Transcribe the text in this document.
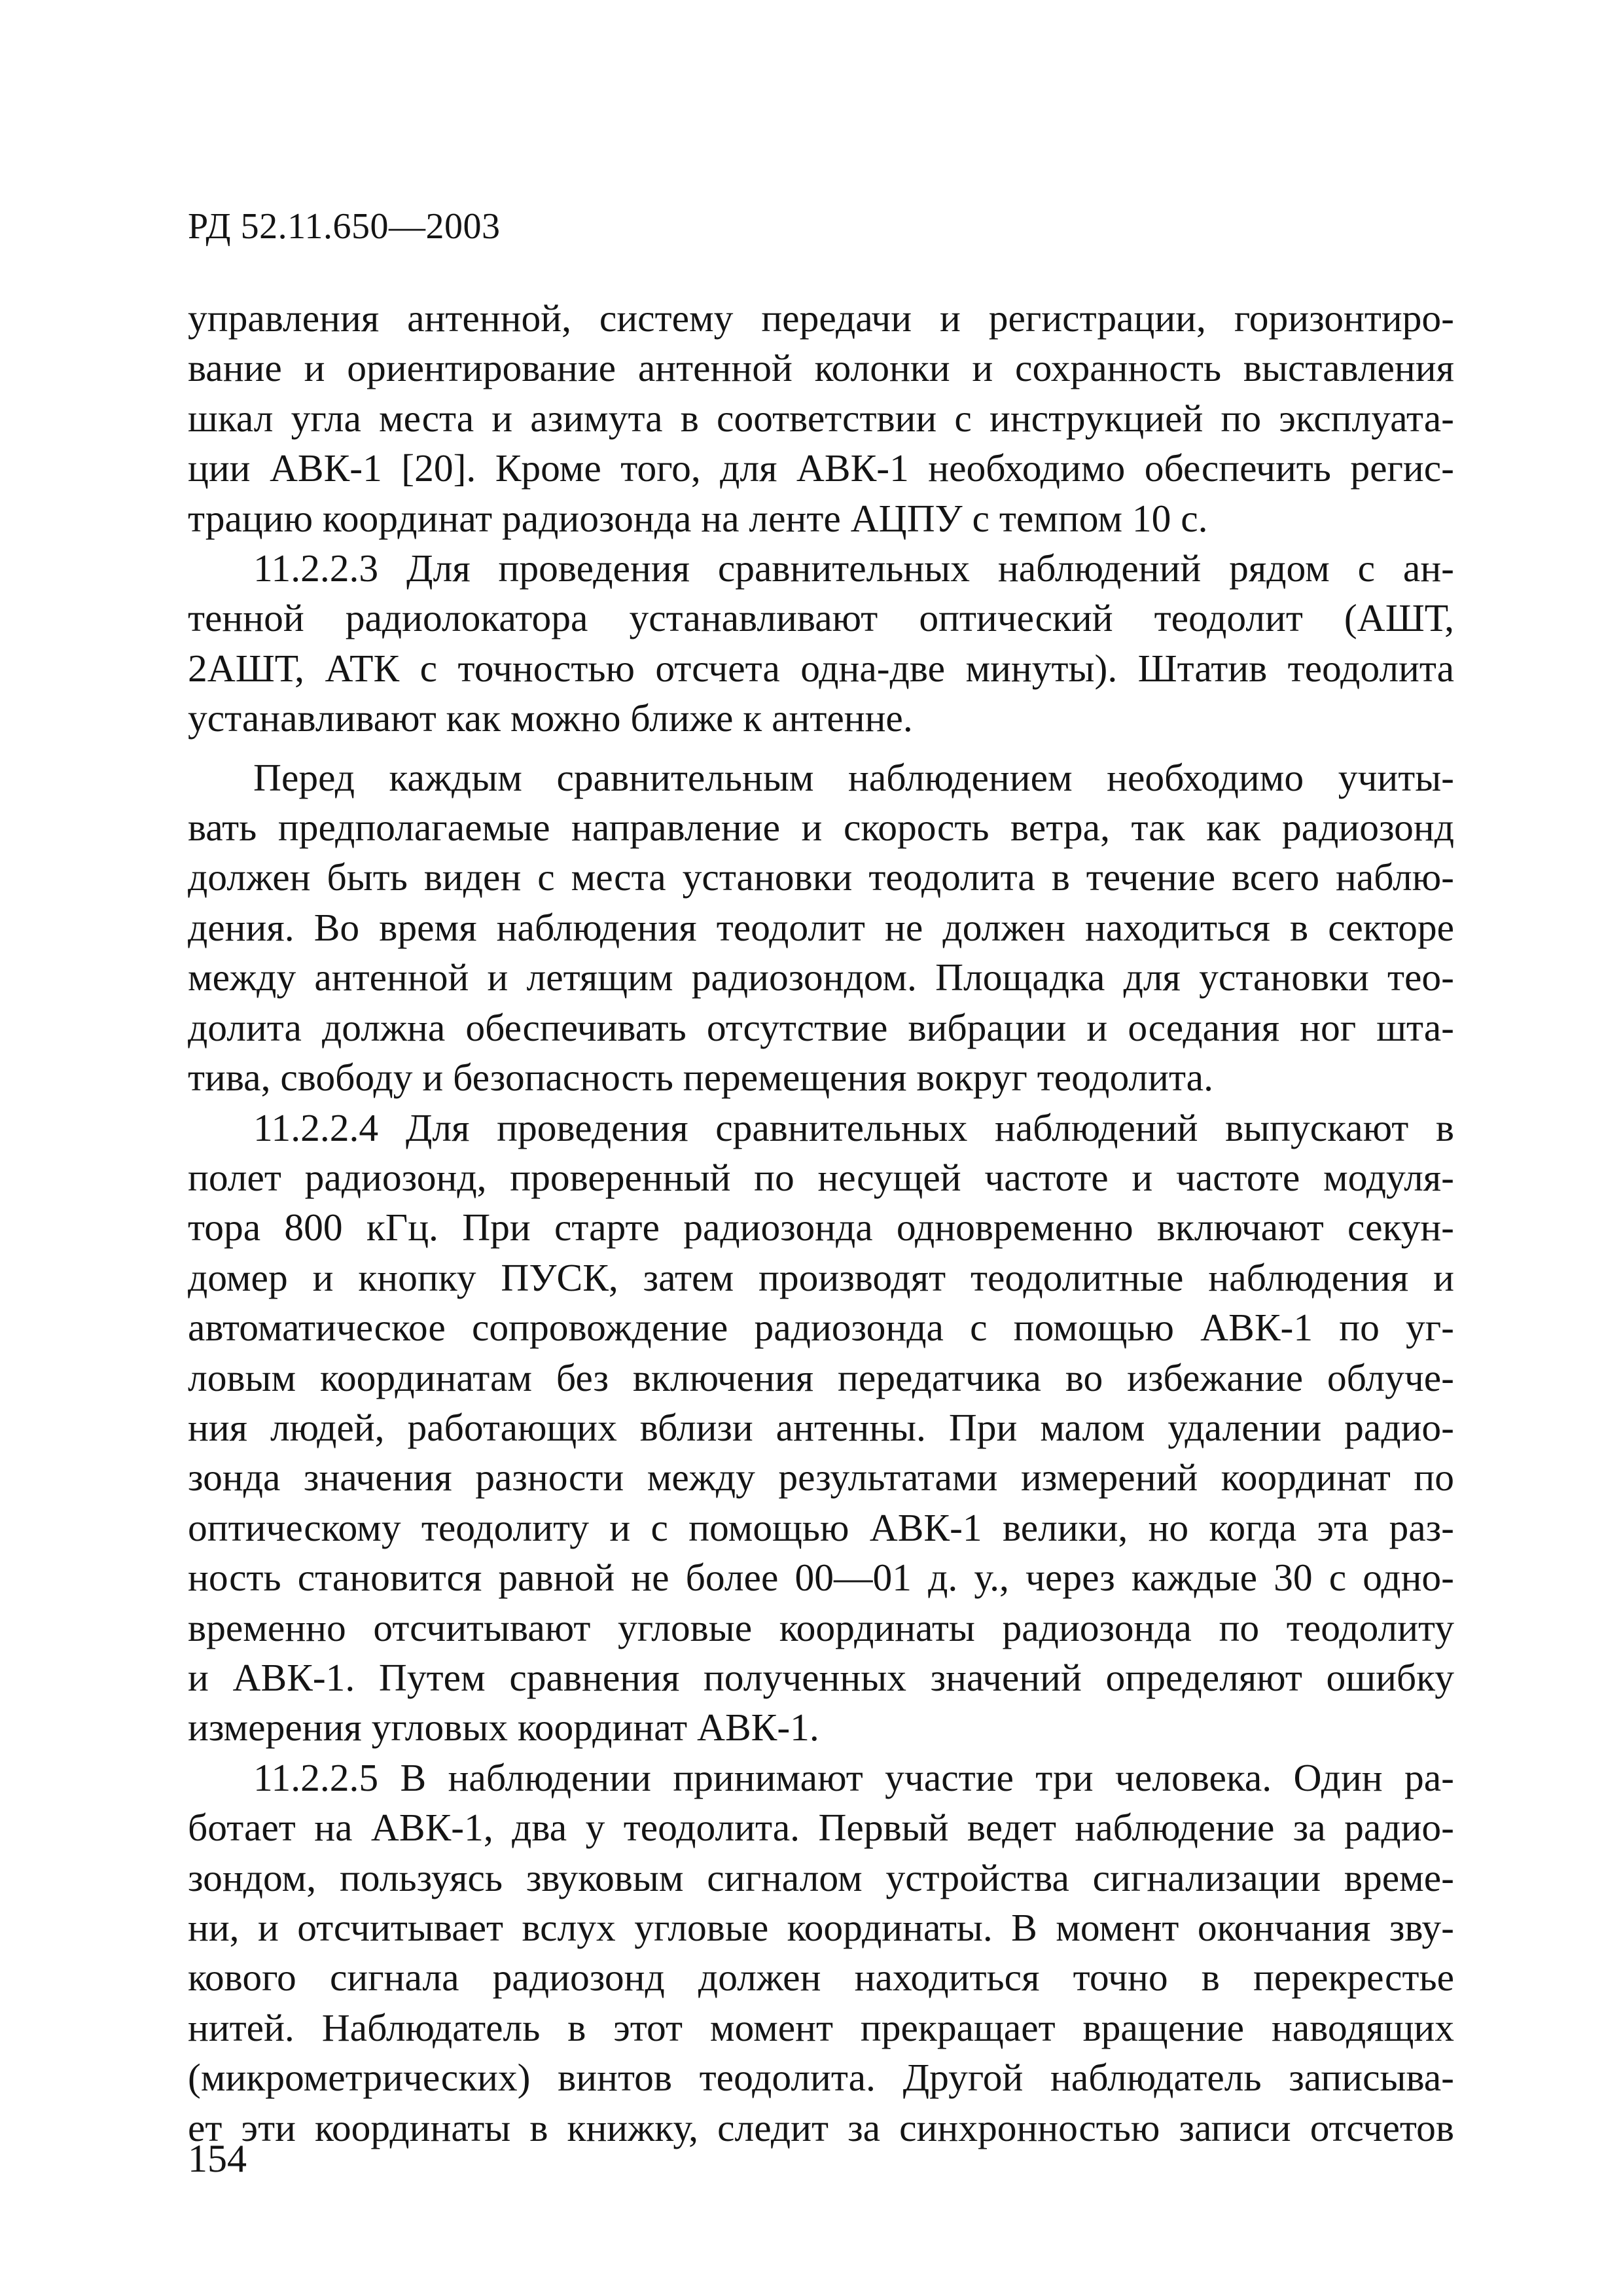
РД 52.11.650—2003
управления антенной, систему передачи и регистрации, горизонтиро-
вание и ориентирование антенной колонки и сохранность выставления
шкал угла места и азимута в соответствии с инструкцией по эксплуата-
ции АВК-1 [20]. Кроме того, для АВК-1 необходимо обеспечить регис-
трацию координат радиозонда на ленте АЦПУ с темпом 10 с.
11.2.2.3 Для проведения сравнительных наблюдений рядом с ан-
тенной радиолокатора устанавливают оптический теодолит (АШТ,
2АШТ, АТК с точностью отсчета одна-две минуты). Штатив теодолита
устанавливают как можно ближе к антенне.
Перед каждым сравнительным наблюдением необходимо учиты-
вать предполагаемые направление и скорость ветра, так как радиозонд
должен быть виден с места установки теодолита в течение всего наблю-
дения. Во время наблюдения теодолит не должен находиться в секторе
между антенной и летящим радиозондом. Площадка для установки тео-
долита должна обеспечивать отсутствие вибрации и оседания ног шта-
тива, свободу и безопасность перемещения вокруг теодолита.
11.2.2.4 Для проведения сравнительных наблюдений выпускают в
полет радиозонд, проверенный по несущей частоте и частоте модуля-
тора 800 кГц. При старте радиозонда одновременно включают секун-
домер и кнопку ПУСК, затем производят теодолитные наблюдения и
автоматическое сопровождение радиозонда с помощью АВК-1 по уг-
ловым координатам без включения передатчика во избежание облуче-
ния людей, работающих вблизи антенны. При малом удалении радио-
зонда значения разности между результатами измерений координат по
оптическому теодолиту и с помощью АВК-1 велики, но когда эта раз-
ность становится равной не более 00—01 д. у., через каждые 30 с одно-
временно отсчитывают угловые координаты радиозонда по теодолиту
и АВК-1. Путем сравнения полученных значений определяют ошибку
измерения угловых координат АВК-1.
11.2.2.5 В наблюдении принимают участие три человека. Один ра-
ботает на АВК-1, два у теодолита. Первый ведет наблюдение за радио-
зондом, пользуясь звуковым сигналом устройства сигнализации време-
ни, и отсчитывает вслух угловые координаты. В момент окончания зву-
кового сигнала радиозонд должен находиться точно в перекрестье
нитей. Наблюдатель в этот момент прекращает вращение наводящих
(микрометрических) винтов теодолита. Другой наблюдатель записыва-
ет эти координаты в книжку, следит за синхронностью записи отсчетов
154
